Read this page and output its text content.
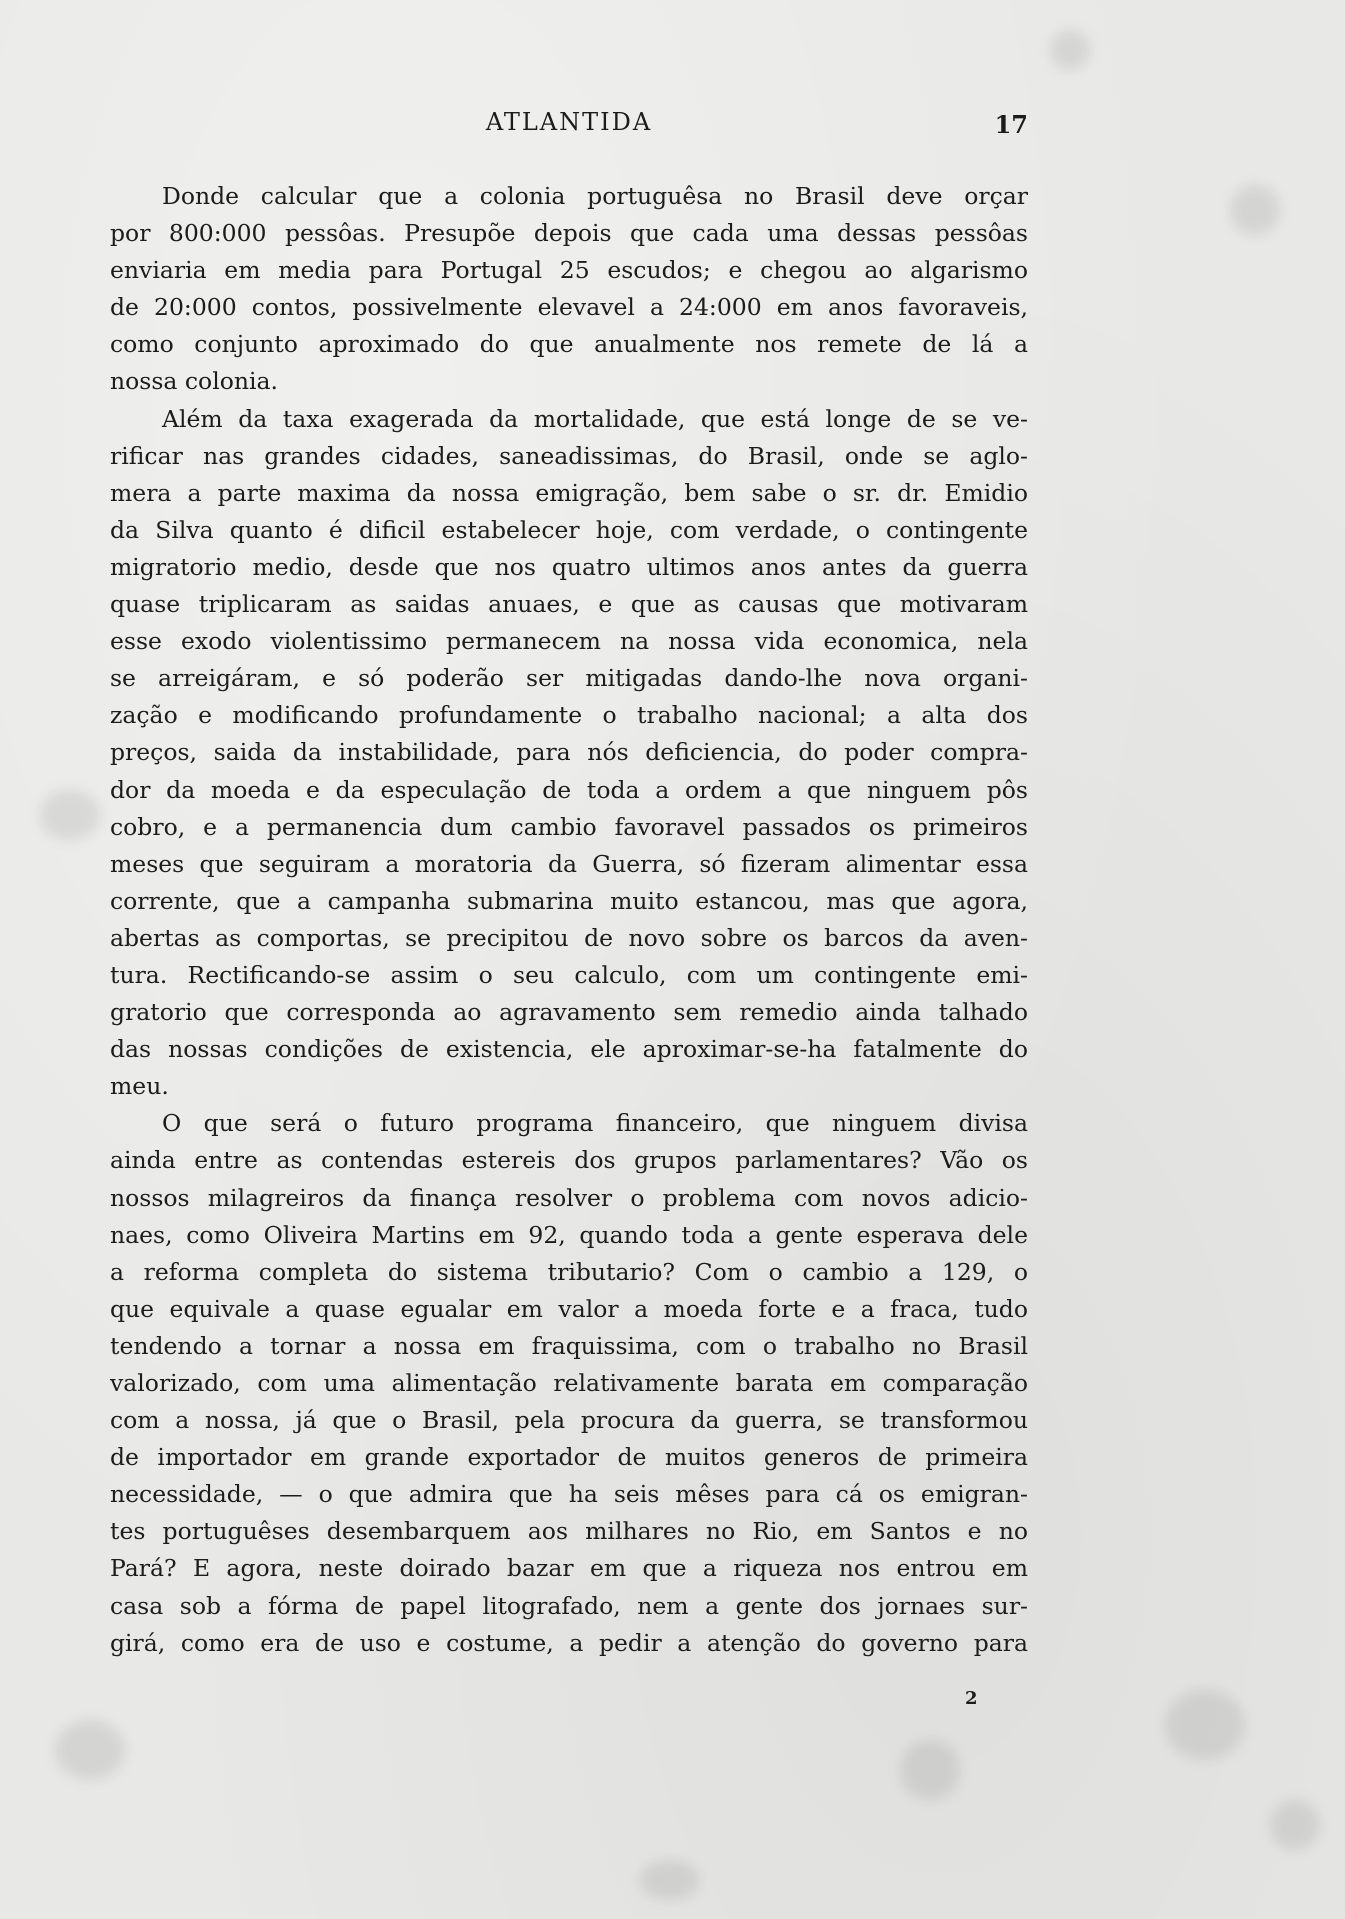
ATLANTIDA	17
Donde calcular que a colonia portuguêsa no Brasil deve orçar
por 800:000 pessôas. Presupõe depois que cada uma dessas pessôas
enviaria em media para Portugal 25 escudos; e chegou ao algarismo
de 20:000 contos, possivelmente elevavel a 24:000 em anos favoraveis,
como conjunto aproximado do que anualmente nos remete de lá a
nossa colonia.
Além da taxa exagerada da mortalidade, que está longe de se ve-
rificar nas grandes cidades, saneadissimas, do Brasil, onde se aglo-
mera a parte maxima da nossa emigração, bem sabe o sr. dr. Emidio
da Silva quanto é dificil estabelecer hoje, com verdade, o contingente
migratorio medio, desde que nos quatro ultimos anos antes da guerra
quase triplicaram as saidas anuaes, e que as causas que motivaram
esse exodo violentissimo permanecem na nossa vida economica, nela
se arreigáram, e só poderão ser mitigadas dando-lhe nova organi-
zação e modificando profundamente o trabalho nacional; a alta dos
preços, saida da instabilidade, para nós deficiencia, do poder compra-
dor da moeda e da especulação de toda a ordem a que ninguem pôs
cobro, e a permanencia dum cambio favoravel passados os primeiros
meses que seguiram a moratoria da Guerra, só fizeram alimentar essa
corrente, que a campanha submarina muito estancou, mas que agora,
abertas as comportas, se precipitou de novo sobre os barcos da aven-
tura. Rectificando-se assim o seu calculo, com um contingente emi-
gratorio que corresponda ao agravamento sem remedio ainda talhado
das nossas condições de existencia, ele aproximar-se-ha fatalmente do
meu.
O que será o futuro programa financeiro, que ninguem divisa
ainda entre as contendas estereis dos grupos parlamentares? Vão os
nossos milagreiros da finança resolver o problema com novos adicio-
naes, como Oliveira Martins em 92, quando toda a gente esperava dele
a reforma completa do sistema tributario? Com o cambio a 129, o
que equivale a quase egualar em valor a moeda forte e a fraca, tudo
tendendo a tornar a nossa em fraquissima, com o trabalho no Brasil
valorizado, com uma alimentação relativamente barata em comparação
com a nossa, já que o Brasil, pela procura da guerra, se transformou
de importador em grande exportador de muitos generos de primeira
necessidade, — o que admira que ha seis mêses para cá os emigran-
tes portuguêses desembarquem aos milhares no Rio, em Santos e no
Pará? E agora, neste doirado bazar em que a riqueza nos entrou em
casa sob a fórma de papel litografado, nem a gente dos jornaes sur-
girá, como era de uso e costume, a pedir a atenção do governo para
2
